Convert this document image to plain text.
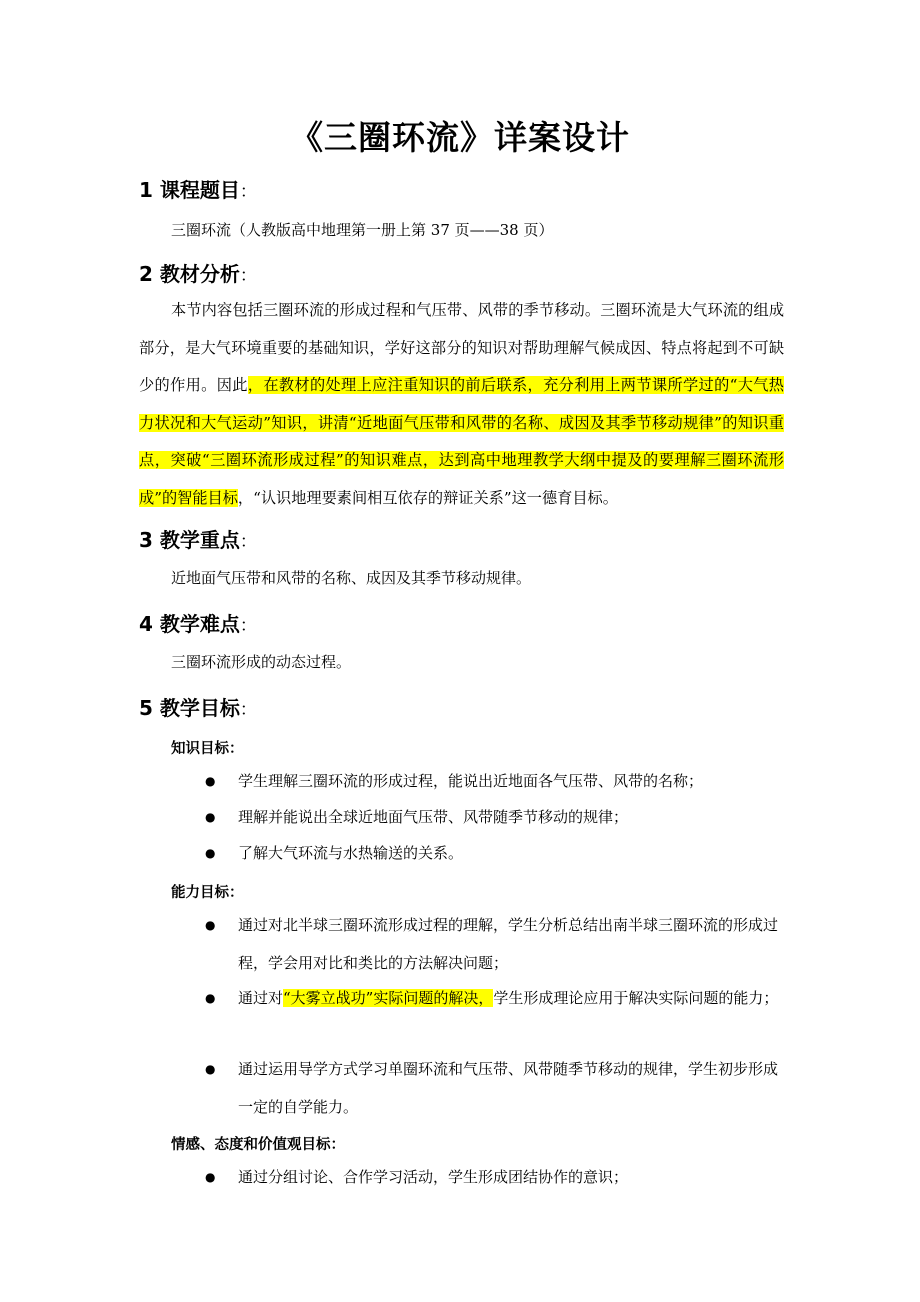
《三圈环流》详案设计

1 课程题目：

三圈环流（人教版高中地理第一册上第 37 页——38 页）

2 教材分析：

本节内容包括三圈环流的形成过程和气压带、风带的季节移动。三圈环流是大气环流的组成部分，是大气环境重要的基础知识，学好这部分的知识对帮助理解气候成因、特点将起到不可缺少的作用。因此，在教材的处理上应注重知识的前后联系，充分利用上两节课所学过的“大气热力状况和大气运动”知识，讲清“近地面气压带和风带的名称、成因及其季节移动规律”的知识重点，突破“三圈环流形成过程”的知识难点，达到高中地理教学大纲中提及的要理解三圈环流形成”的智能目标，“认识地理要素间相互依存的辩证关系”这一德育目标。

3 教学重点：

近地面气压带和风带的名称、成因及其季节移动规律。

4 教学难点：

三圈环流形成的动态过程。

5 教学目标：

知识目标：

● 学生理解三圈环流的形成过程，能说出近地面各气压带、风带的名称；
● 理解并能说出全球近地面气压带、风带随季节移动的规律；
● 了解大气环流与水热输送的关系。

能力目标：

● 通过对北半球三圈环流形成过程的理解，学生分析总结出南半球三圈环流的形成过程，学会用对比和类比的方法解决问题；
● 通过对“大雾立战功”实际问题的解决，学生形成理论应用于解决实际问题的能力；
● 通过运用导学方式学习单圈环流和气压带、风带随季节移动的规律，学生初步形成一定的自学能力。

情感、态度和价值观目标：

● 通过分组讨论、合作学习活动，学生形成团结协作的意识；
